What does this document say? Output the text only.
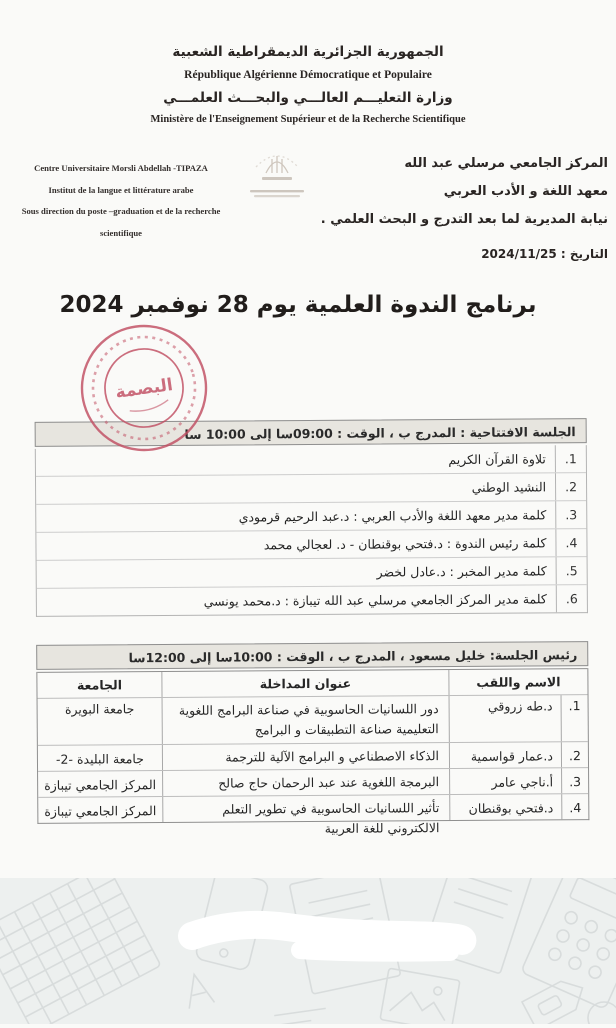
الجمهورية الجزائرية الديمقراطية الشعبية
République Algérienne Démocratique et Populaire
وزارة التعليـــم العالـــي والبحـــث العلمـــي
Ministère de l'Enseignement Supérieur et de la Recherche Scientifique
Centre Universitaire Morsli Abdellah -TIPAZA
Institut de la langue et littérature arabe
Sous direction du poste –graduation et de la recherche
scientifique
المركز الجامعي مرسلي عبد الله
معهد اللغة و الأدب العربي
نيابة المديرية لما بعد التدرج و البحث العلمي .
التاريخ : 2024/11/25
برنامج الندوة العلمية يوم 28 نوفمبر 2024
البصمة
الجلسة الافتتاحية : المدرج ب ، الوقت : 09:00سا إلى 10:00 سا
1.
تلاوة القرآن الكريم
2.
النشيد الوطني
3.
كلمة مدير معهد اللغة والأدب العربي : د.عبد الرحيم قرمودي
4.
كلمة رئيس الندوة : د.فتحي بوقنطان - د. لعجالي محمد
5.
كلمة مدير المخبر : د.عادل لخضر
6.
كلمة مدير المركز الجامعي مرسلي عبد الله تيبازة : د.محمد يونسي
رئيس الجلسة: خليل مسعود ، المدرج ب ، الوقت : 10:00سا إلى 12:00سا
الاسم واللقب
عنوان المداخلة
الجامعة
1.
د.طه زروقي
دور اللسانيات الحاسوبية في صناعة البرامج اللغوية التعليمية صناعة التطبيقات و البرامج
جامعة البويرة
2.
د.عمار قواسمية
الذكاء الاصطناعي و البرامج الآلية للترجمة
جامعة البليدة -2-
3.
أ.ناجي عامر
البرمجة اللغوية عند عبد الرحمان حاج صالح
المركز الجامعي تيبازة
4.
د.فتحي بوقنطان
تأثير اللسانيات الحاسوبية في تطوير التعلم الالكتروني للغة العربية
المركز الجامعي تيبازة
